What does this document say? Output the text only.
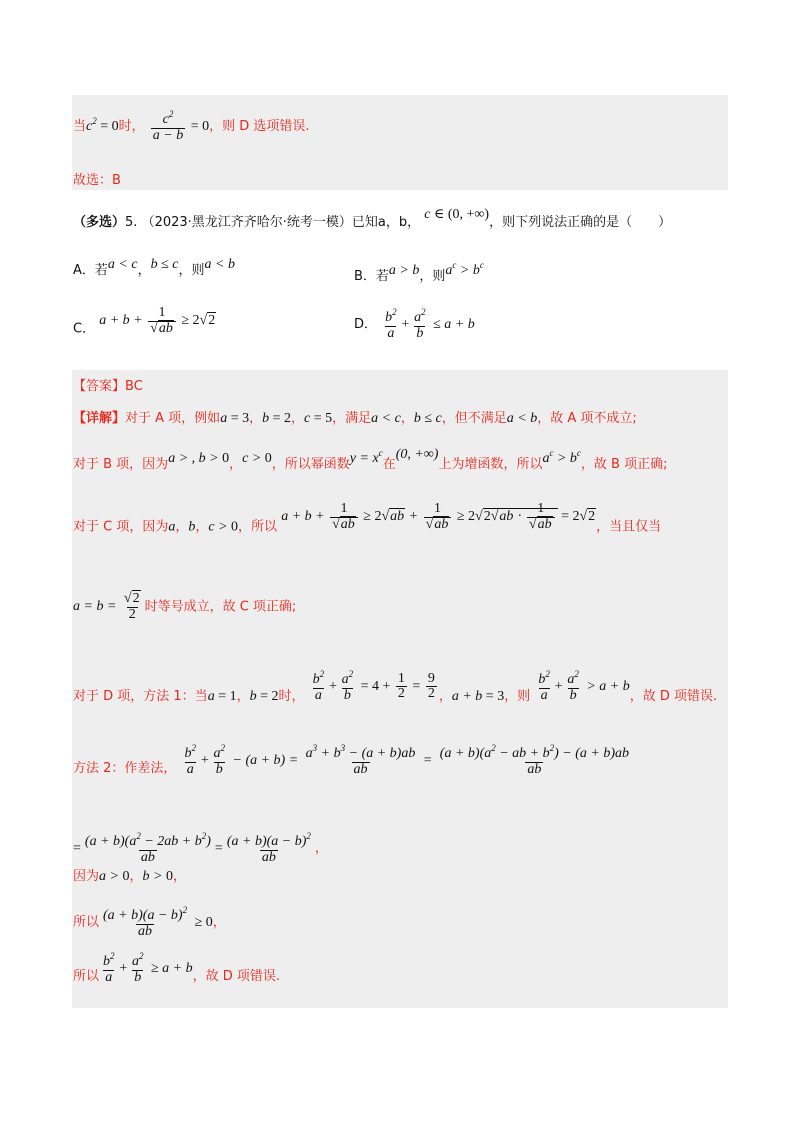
当$c^2 = 0$时， $\frac{c^2}{a - b} = 0$，则 D 选项错误.
故选：B
（多选）5. （2023·黑龙江齐齐哈尔·统考一模）已知a，b， c ∈ (0, +∞)，则下列说法正确的是（　　）
A．若a < c，b ≤ c，则a < b
B．若a > b，则$a^c > b^c$
C． $a + b + \frac{1}{√ab} \ge 2√2$	D． $\frac{b^2}{a} + \frac{a^2}{b} \le a + b$
【答案】BC
【详解】对于 A 项，例如a = 3，b = 2，c = 5，满足a < c，b ≤ c，但不满足a < b，故 A 项不成立;
对于 B 项，因为a > , b > 0，c > 0，所以幂函数$y = x^c$在(0, +∞)上为增函数，所以$a^c > b^c$，故 B 项正确;
对于 C 项，因为a，b，c > 0，所以 $a + b + \frac{1}{√ab} \ge 2√ab + \frac{1}{√ab} \ge 2√2√ab \cdot \frac{1}{√ab} = 2√2$，当且仅当
$a = b = \frac{√2}{2}$ 时等号成立，故 C 项正确;
对于 D 项，方法 1：当a = 1，b = 2时， $\frac{b^2}{a} + \frac{a^2}{b} = 4 + \frac{1}{2} = \frac{9}{2}$ ，a + b = 3，则 $\frac{b^2}{a} + \frac{a^2}{b} > a + b$，故 D 项错误.
方法 2：作差法， $\frac{b^2}{a} + \frac{a^2}{b} - (a + b) = \frac{a^3 + b^3 - (a + b)ab}{ab} = \frac{(a + b)(a^2 - ab + b^2) - (a + b)ab}{ab}$
= $\frac{(a + b)(a^2 - 2ab + b^2)}{ab} = \frac{(a + b)(a - b)^2}{ab}$ ，
因为a > 0，b > 0，
所以 $\frac{(a + b)(a - b)^2}{ab} \ge 0$，
所以 $\frac{b^2}{a} + \frac{a^2}{b} \ge a + b$，故 D 项错误.
